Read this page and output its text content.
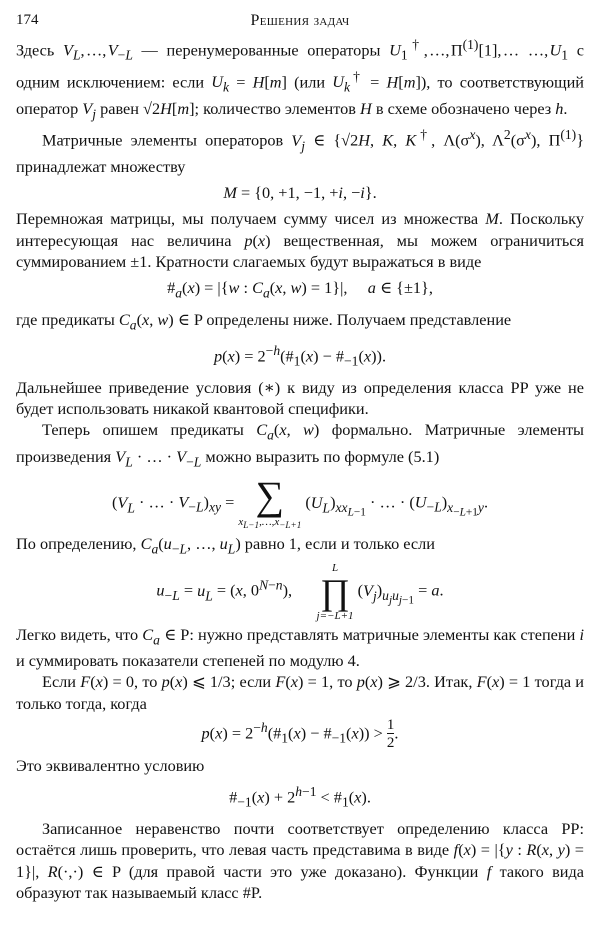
174	Решения задач

Здесь $V_L$, …, $V_{-L}$ — перенумерованные операторы $U_1^\dagger$, …, $\Pi^{(1)}[1]$, … …, $U_1$ с одним исключением: если $U_k = H[m]$ (или $U_k^\dagger = H[m]$), то соответствующий оператор $V_j$ равен √2H[m]; количество элементов H в схеме обозначено через h.

Матричные элементы операторов $V_j$ ∈ {√2H, K, K†, $\Lambda(\sigma^x)$, $\Lambda^2(\sigma^x)$, $\Pi^{(1)}$} принадлежат множеству

M = {0, +1, −1, +i, −i}.

Перемножая матрицы, мы получаем сумму чисел из множества M. Поскольку интересующая нас величина p(x) вещественная, мы можем ограничиться суммированием ±1. Кратности слагаемых будут выражаться в виде

$\#_a(x) = |\{w$ : $C_a(x$, w) = 1}|,     a ∈ {±1},

где предикаты $C_a(x$, w) ∈ P определены ниже. Получаем представление

$p(x) = 2^{-h}(\#_1(x)$ − $\#_{-1}(x)$).

Дальнейшее приведение условия (∗) к виду из определения класса PP уже не будет использовать никакой квантовой специфики.

Теперь опишем предикаты $C_a(x$, w) формально. Матричные элементы произведения $V_L$ · … · $V_{-L}$ можно выразить по формуле (5.1)

($V_L$ · … · $V_{-L})_{xy}$ = ∑
$x_{L-1},\dots,x_{-L+1}$
$(U_L)_{xx_{L-1}}$ · … · $(U_{-L})_{x_{-L+1}y}$.

По определению, $C_a(u_{-L}$, …, $u_L$) равно 1, если и только если

$u_{-L} = u_L = (x$, $0^{N-n}$),
L
∏
j=−L+1
$(V_j)_{u_ju_{j-1}} = a$.

Легко видеть, что $C_a$ ∈ P: нужно представлять матричные элементы как степени i и суммировать показатели степеней по модулю 4.

Если F(x) = 0, то p(x) ⩽ 1/3; если F(x) = 1, то p(x) ⩾ 2/3. Итак, F(x) = 1 тогда и только тогда, когда

$p(x) = 2^{-h}(\#_1(x)$ − $\#_{-1}(x)) > \frac{1}{2}$ .

Это эквивалентно условию

$\#_{-1}(x) + 2^{h-1}$ < $\#_1(x)$.

Записанное неравенство почти соответствует определению класса PP: остаётся лишь проверить, что левая часть представима в виде f(x) = |{y : R(x, y) = 1}|, R(·,·) ∈ P (для правой части это уже доказано). Функции f такого вида образуют так называемый класс #P.
